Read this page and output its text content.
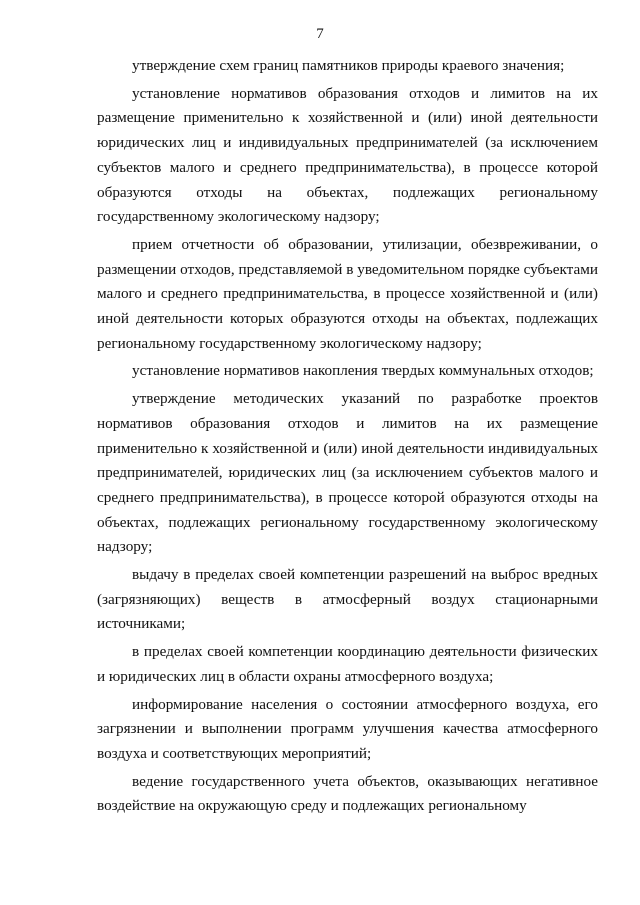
7

утверждение схем границ памятников природы краевого значения;

установление нормативов образования отходов и лимитов на их размещение применительно к хозяйственной и (или) иной деятельности юридических лиц и индивидуальных предпринимателей (за исключением субъектов малого и среднего предпринимательства), в процессе которой образуются отходы на объектах, подлежащих региональному государственному экологическому надзору;

прием отчетности об образовании, утилизации, обезвреживании, о размещении отходов, представляемой в уведомительном порядке субъектами малого и среднего предпринимательства, в процессе хозяйственной и (или) иной деятельности которых образуются отходы на объектах, подлежащих региональному государственному экологическому надзору;

установление нормативов накопления твердых коммунальных отходов;

утверждение методических указаний по разработке проектов нормативов образования отходов и лимитов на их размещение применительно к хозяйственной и (или) иной деятельности индивидуальных предпринимателей, юридических лиц (за исключением субъектов малого и среднего предпринимательства), в процессе которой образуются отходы на объектах, подлежащих региональному государственному экологическому надзору;

выдачу в пределах своей компетенции разрешений на выброс вредных (загрязняющих) веществ в атмосферный воздух стационарными источниками;

в пределах своей компетенции координацию деятельности физических и юридических лиц в области охраны атмосферного воздуха;

информирование населения о состоянии атмосферного воздуха, его загрязнении и выполнении программ улучшения качества атмосферного воздуха и соответствующих мероприятий;

ведение государственного учета объектов, оказывающих негативное воздействие на окружающую среду и подлежащих региональному
